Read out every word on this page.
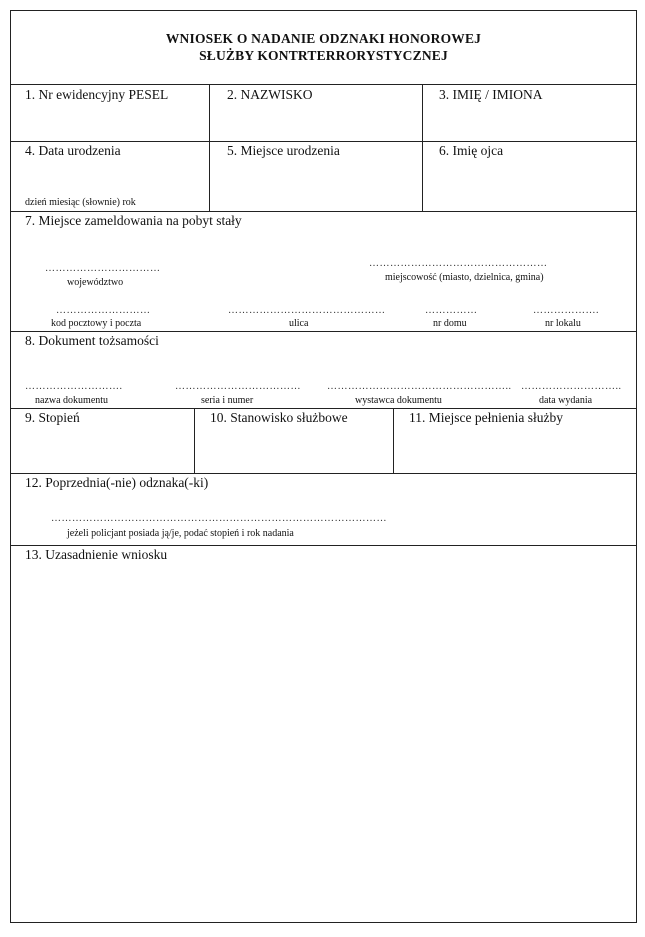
WNIOSEK O NADANIE ODZNAKI HONOROWEJ
SŁUŻBY KONTRTERRORYSTYCZNEJ
1. Nr ewidencyjny PESEL	2. NAZWISKO	3. IMIĘ / IMIONA
4. Data urodzenia
dzień miesiąc (słownie) rok
5. Miejsce urodzenia	6. Imię ojca
7. Miejsce zameldowania na pobyt stały
……………………………
województwo
……………………………………………
miejscowość (miasto, dzielnica, gmina)
………………………
kod pocztowy i poczta
………………………………………
ulica
……………
nr domu
……………….
nr lokalu
8. Dokument tożsamości
……………………….
nazwa dokumentu
………………………………
seria i numer
……………………………………………..
wystawca dokumentu
………………………..
data wydania
9. Stopień	10. Stanowisko służbowe	11. Miejsce pełnienia służby
12. Poprzednia(-nie) odznaka(-ki)
……………………………………………………………………………………
jeżeli policjant posiada ją/je, podać stopień i rok nadania
13. Uzasadnienie wniosku
